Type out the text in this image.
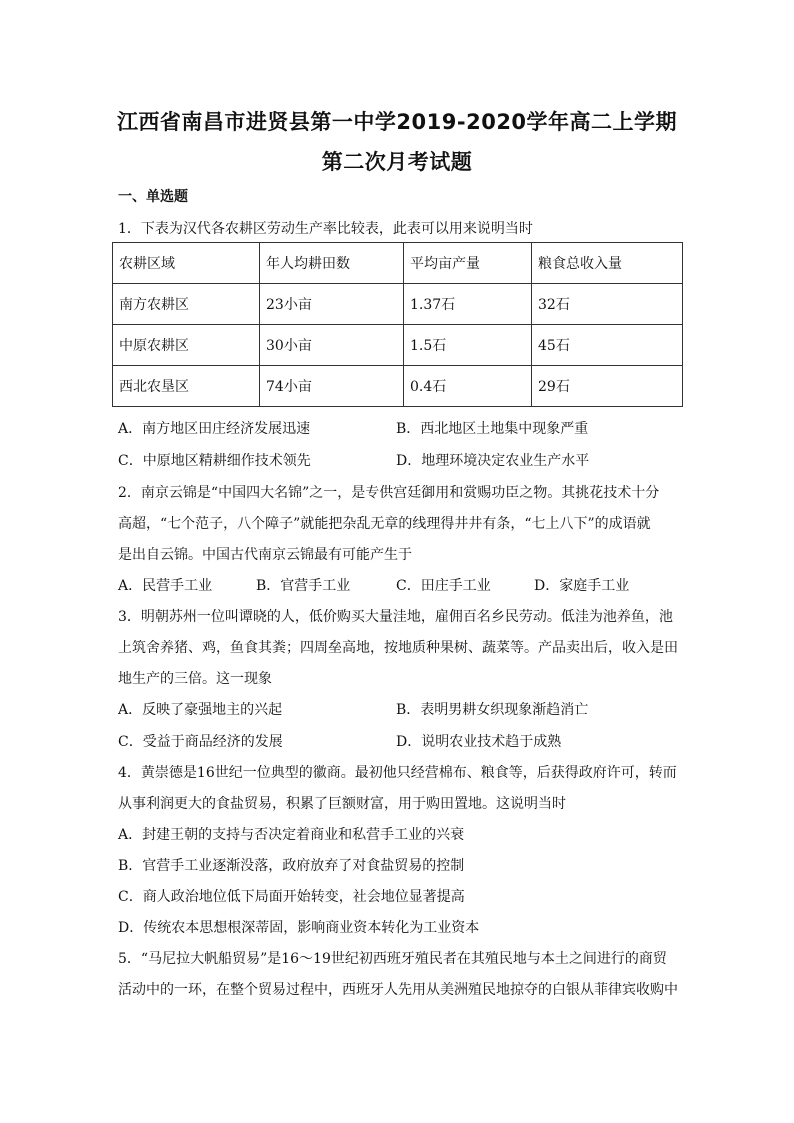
江西省南昌市进贤县第一中学2019-2020学年高二上学期
第二次月考试题
一、单选题
1．下表为汉代各农耕区劳动生产率比较表，此表可以用来说明当时
农耕区域	年人均耕田数	平均亩产量	粮食总收入量
南方农耕区	23小亩	1.37石	32石
中原农耕区	30小亩	1.5石	45石
西北农垦区	74小亩	0.4石	29石
A．南方地区田庄经济发展迅速	B．西北地区土地集中现象严重
C．中原地区精耕细作技术领先	D．地理环境决定农业生产水平
2．南京云锦是“中国四大名锦”之一，是专供宫廷御用和赏赐功臣之物。其挑花技术十分
高超，“七个范子，八个障子”就能把杂乱无章的线理得井井有条，“七上八下”的成语就
是出自云锦。中国古代南京云锦最有可能产生于
A．民营手工业	B．官营手工业	C．田庄手工业	D．家庭手工业
3．明朝苏州一位叫谭晓的人，低价购买大量洼地，雇佣百名乡民劳动。低洼为池养鱼，池
上筑舍养猪、鸡，鱼食其粪；四周垒高地，按地质种果树、蔬菜等。产品卖出后，收入是田
地生产的三倍。这一现象
A．反映了豪强地主的兴起	B．表明男耕女织现象渐趋消亡
C．受益于商品经济的发展	D．说明农业技术趋于成熟
4．黄崇德是16世纪一位典型的徽商。最初他只经营棉布、粮食等，后获得政府许可，转而
从事利润更大的食盐贸易，积累了巨额财富，用于购田置地。这说明当时
A．封建王朝的支持与否决定着商业和私营手工业的兴衰
B．官营手工业逐渐没落，政府放弃了对食盐贸易的控制
C．商人政治地位低下局面开始转变，社会地位显著提高
D．传统农本思想根深蒂固，影响商业资本转化为工业资本
5．“马尼拉大帆船贸易”是16～19世纪初西班牙殖民者在其殖民地与本土之间进行的商贸
活动中的一环，在整个贸易过程中，西班牙人先用从美洲殖民地掠夺的白银从菲律宾收购中
